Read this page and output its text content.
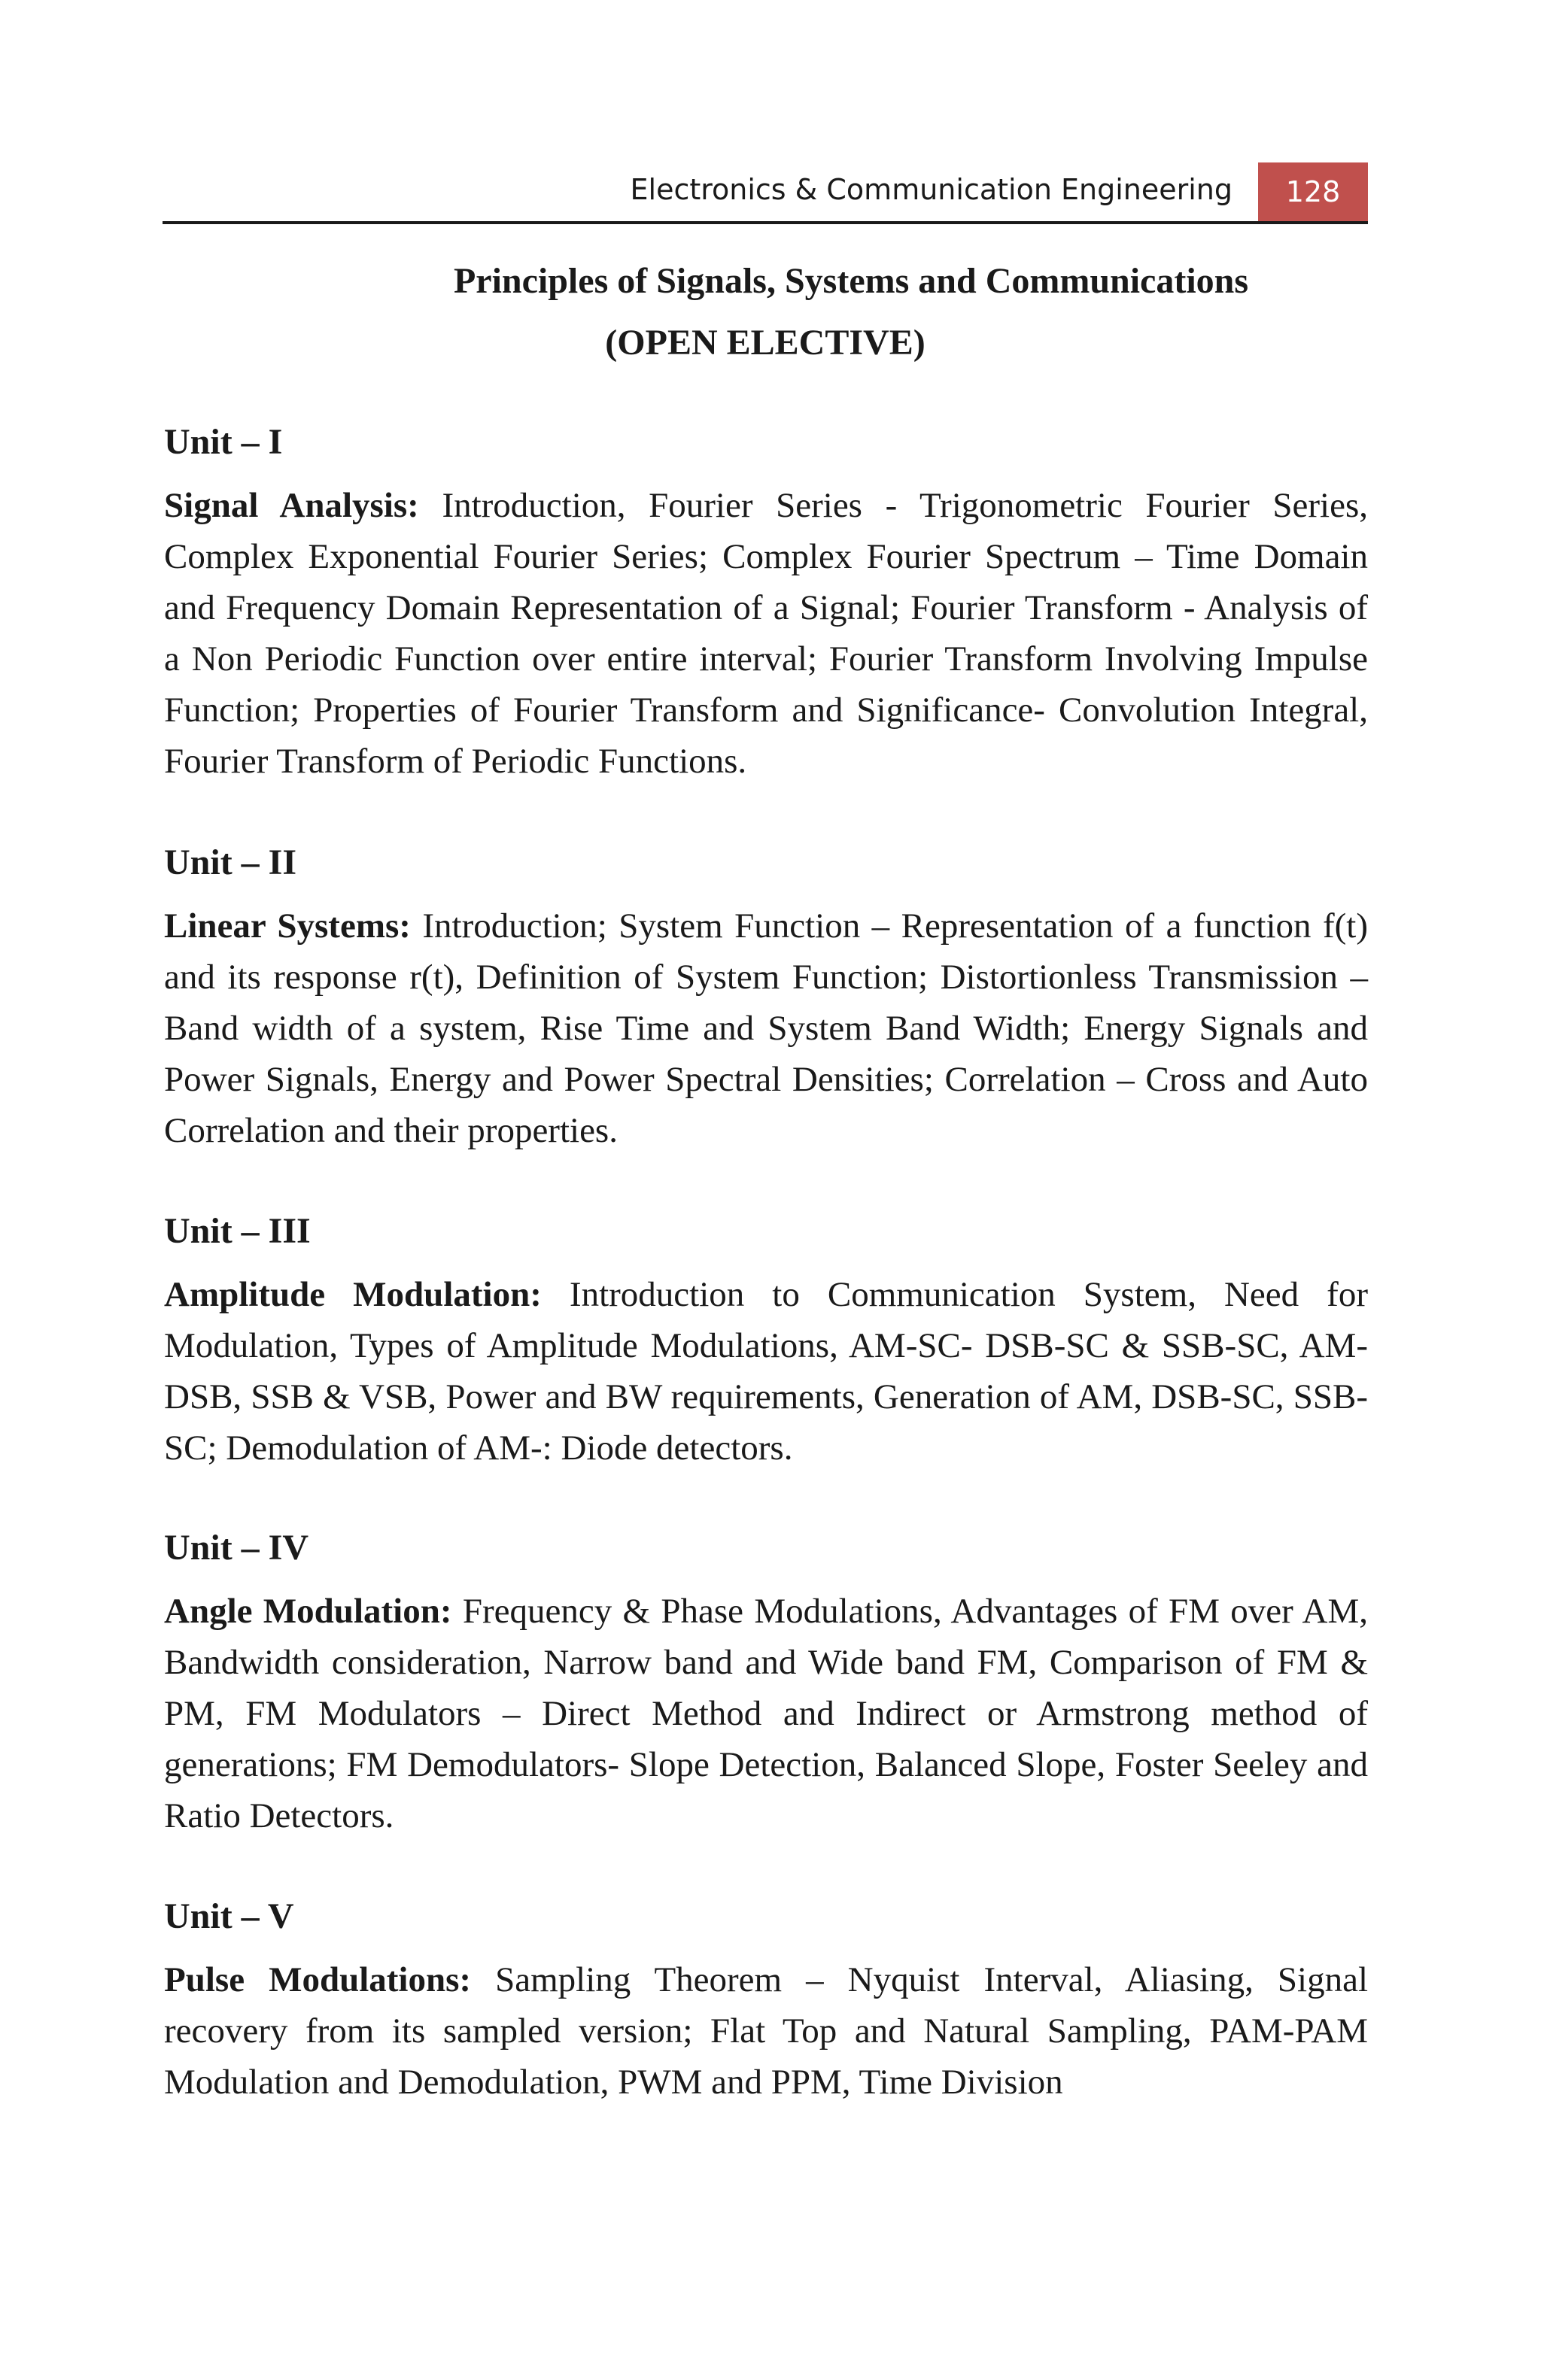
Electronics & Communication Engineering	128
Principles of Signals, Systems and Communications
(OPEN ELECTIVE)
Unit – I

Signal Analysis: Introduction, Fourier Series - Trigonometric Fourier Series, Complex Exponential Fourier Series; Complex Fourier Spectrum – Time Domain and Frequency Domain Representation of a Signal; Fourier Transform - Analysis of a Non Periodic Function over entire interval; Fourier Transform Involving Impulse Function; Properties of Fourier Transform and Significance- Convolution Integral, Fourier Transform of Periodic Functions.

Unit – II

Linear Systems: Introduction; System Function – Representation of a function f(t) and its response r(t), Definition of System Function; Distortionless Transmission – Band width of a system, Rise Time and System Band Width; Energy Signals and Power Signals, Energy and Power Spectral Densities; Correlation – Cross and Auto Correlation and their properties.

Unit – III

Amplitude Modulation: Introduction to Communication System, Need for Modulation, Types of Amplitude Modulations, AM-SC- DSB-SC & SSB-SC, AM- DSB, SSB & VSB, Power and BW requirements, Generation of AM, DSB-SC, SSB-SC; Demodulation of AM-: Diode detectors.

Unit – IV

Angle Modulation: Frequency & Phase Modulations, Advantages of FM over AM, Bandwidth consideration, Narrow band and Wide band FM, Comparison of FM & PM, FM Modulators – Direct Method and Indirect or Armstrong method of generations; FM Demodulators- Slope Detection, Balanced Slope, Foster Seeley and Ratio Detectors.

Unit – V

Pulse Modulations: Sampling Theorem – Nyquist Interval, Aliasing, Signal recovery from its sampled version; Flat Top and Natural Sampling, PAM-PAM Modulation and Demodulation, PWM and PPM, Time Division
